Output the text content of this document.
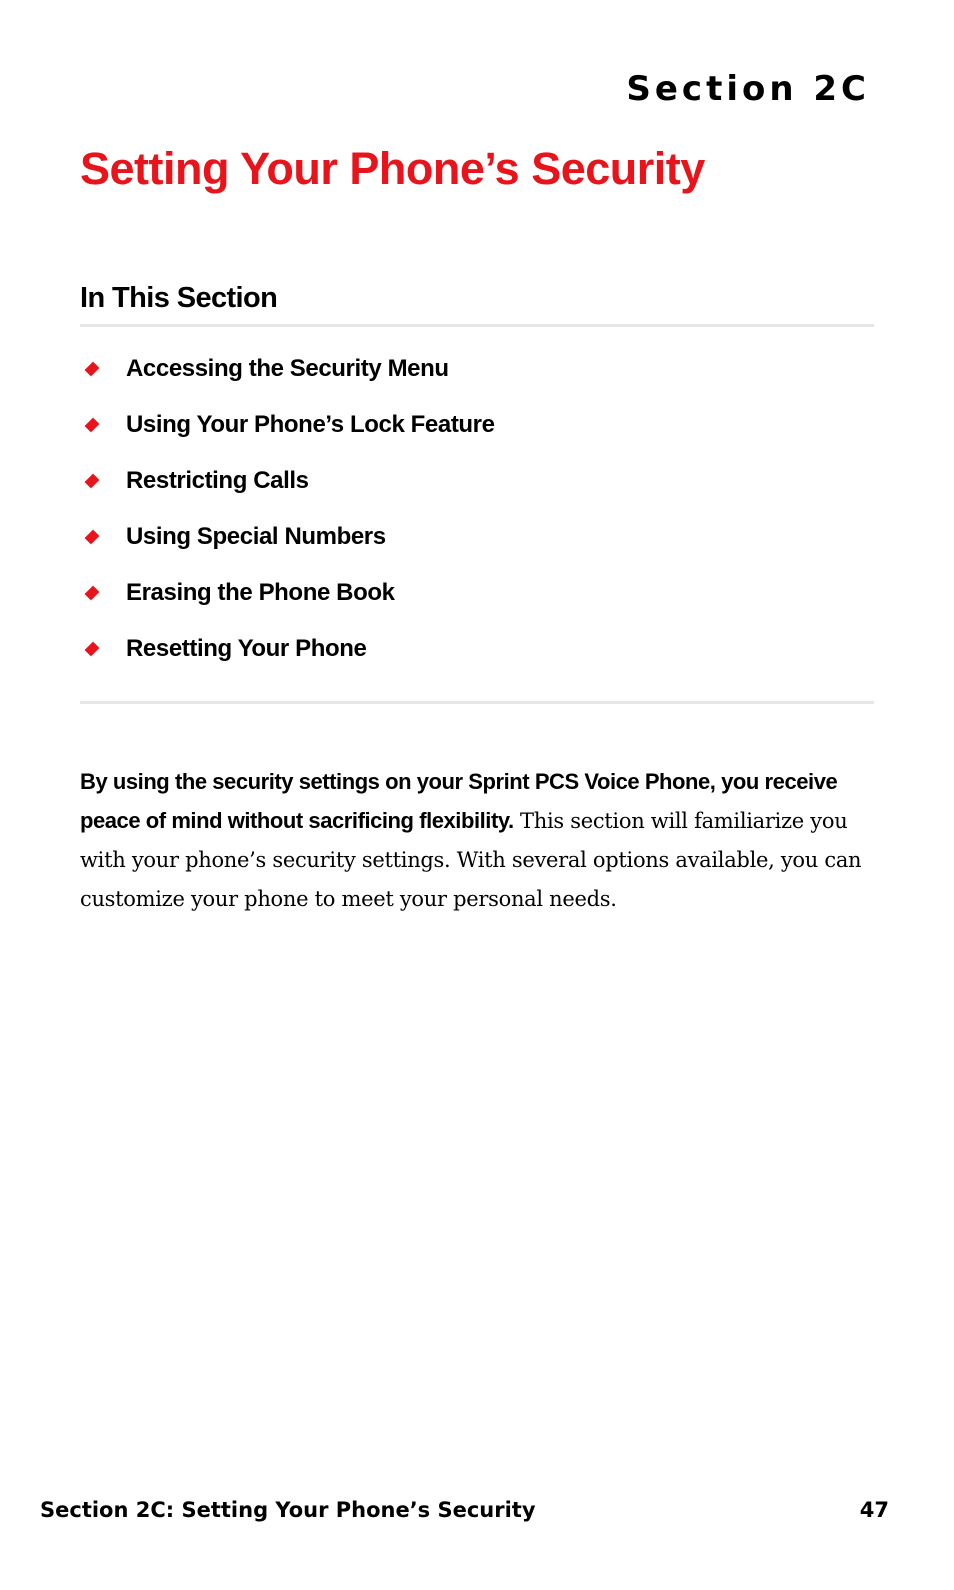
Section 2C
Setting Your Phone’s Security
In This Section
Accessing the Security Menu
Using Your Phone’s Lock Feature
Restricting Calls
Using Special Numbers
Erasing the Phone Book
Resetting Your Phone

By using the security settings on your Sprint PCS Voice Phone, you receive peace of mind without sacrificing flexibility. This section will familiarize you with your phone’s security settings. With several options available, you can customize your phone to meet your personal needs.

Section 2C: Setting Your Phone’s Security	47
